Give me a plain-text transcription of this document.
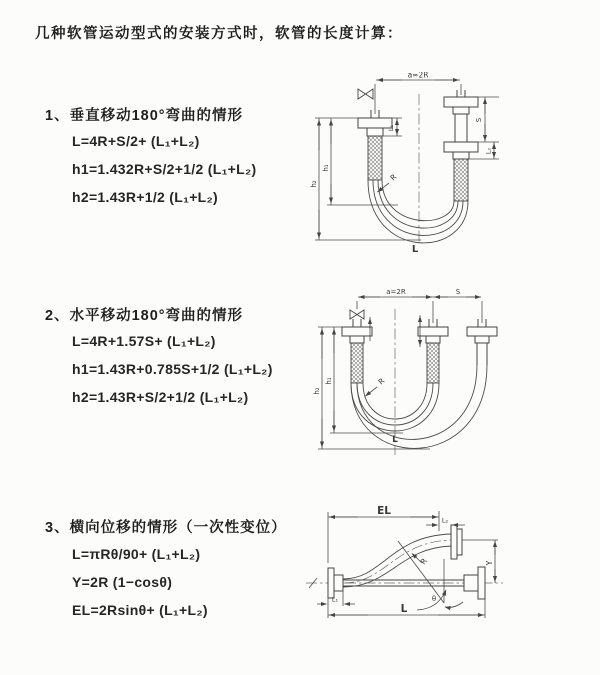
几种软管运动型式的安装方式时，软管的长度计算：
1、垂直移动180°弯曲的情形
L=4R+S/2+ (L₁+L₂)
h1=1.432R+S/2+1/2 (L₁+L₂)
h2=1.43R+1/2 (L₁+L₂)
a=2R
h₂
h₁
L₁
S
L₂
R
L
2、水平移动180°弯曲的情形
L=4R+1.57S+ (L₁+L₂)
h1=1.43R+0.785S+1/2 (L₁+L₂)
h2=1.43R+S/2+1/2 (L₁+L₂)
a=2R	S
h₂
h₁	R
L
3、横向位移的情形（一次性变位）
L=πRθ/90+ (L₁+L₂)
Y=2R (1−cosθ)
EL=2Rsinθ+ (L₁+L₂)
EL
L₂
Y
θ
R
L₁
L
